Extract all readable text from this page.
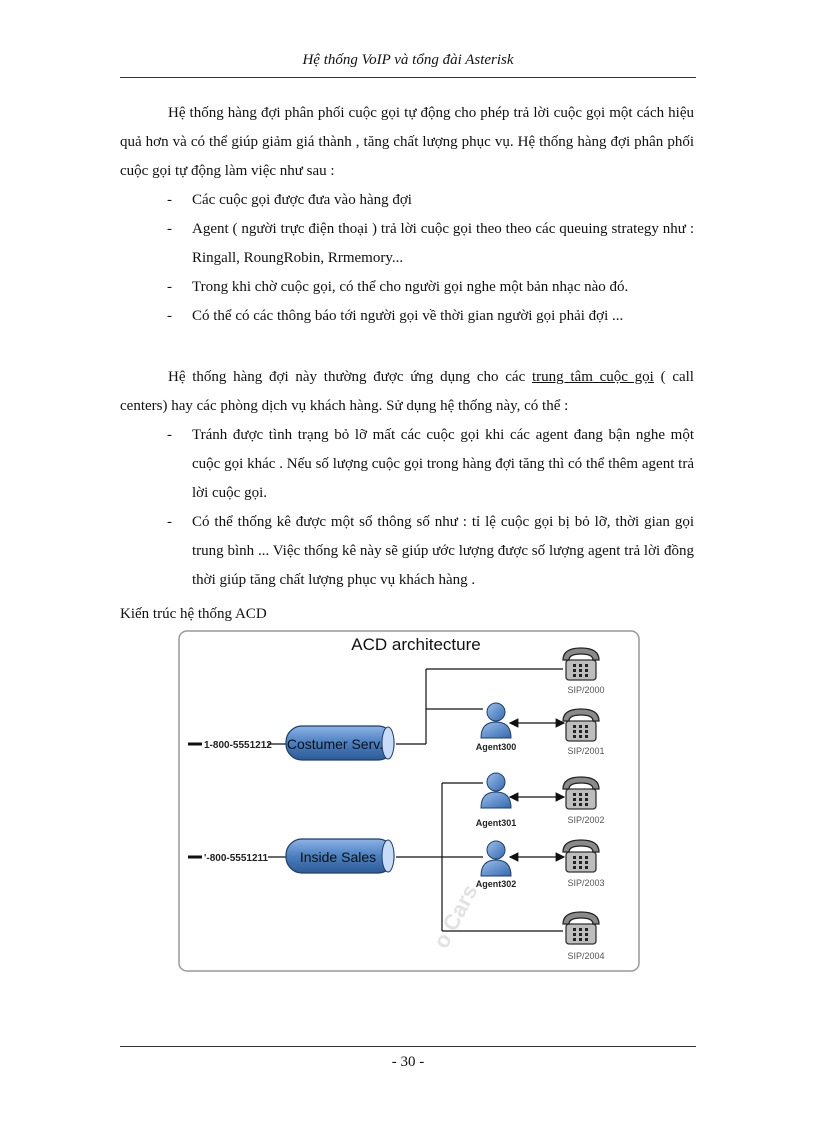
Hệ thống VoIP và tổng đài Asterisk

Hệ thống hàng đợi phân phối cuộc gọi tự động cho phép trả lời cuộc gọi một cách hiệu quả hơn và có thể giúp giảm giá thành , tăng chất lượng phục vụ. Hệ thống hàng đợi phân phối cuộc gọi tự động làm việc như sau :

- Các cuộc gọi được đưa vào hàng đợi
- Agent ( người trực điện thoại ) trả lời cuộc gọi theo theo các queuing strategy như : Ringall, RoungRobin, Rrmemory...
- Trong khi chờ cuộc gọi, có thể cho người gọi nghe một bản nhạc nào đó.
- Có thể có các thông báo tới người gọi về thời gian người gọi phải đợi ...

Hệ thống hàng đợi này thường được ứng dụng cho các trung tâm cuộc gọi ( call centers) hay các phòng dịch vụ khách hàng. Sử dụng hệ thống này, có thể :

- Tránh được tình trạng bỏ lỡ mất các cuộc gọi khi các agent đang bận nghe một cuộc gọi khác . Nếu số lượng cuộc gọi trong hàng đợi tăng thì có thể thêm agent trả lời cuộc gọi.
- Có thể thống kê được một số thông số như : tỉ lệ cuộc gọi bị bỏ lỡ, thời gian gọi trung bình ... Việc thống kê này sẽ giúp ước lượng được số lượng agent trả lời đồng thời giúp tăng chất lượng phục vụ khách hàng .
Kiến trúc hệ thống ACD
ACD architecture
o Cars
1-800-5551212 Costumer Serv.
'-800-5551211 Inside Sales
Agent300
Agent301
Agent302
SIP/2000
SIP/2001
SIP/2002
SIP/2003
SIP/2004
- 30 -
